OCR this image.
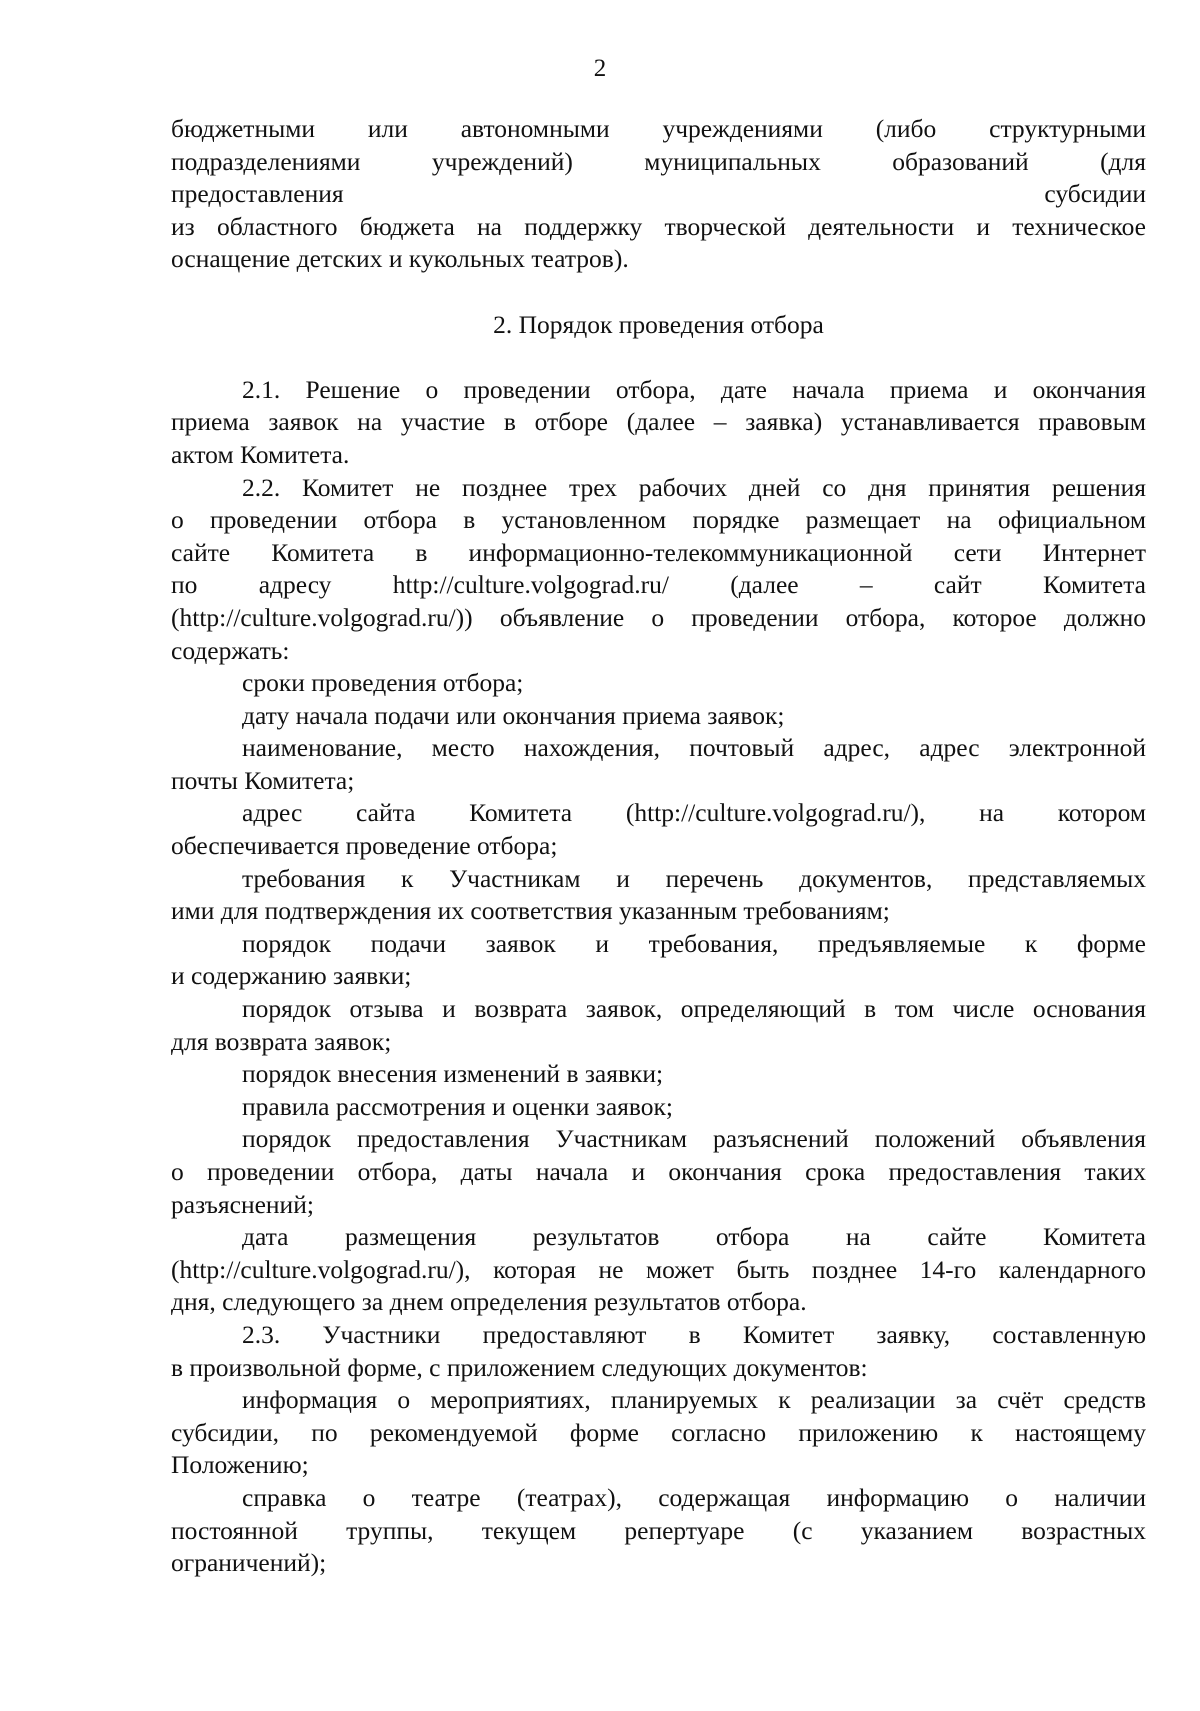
2
бюджетными или автономными учреждениями (либо структурными
подразделениями учреждений) муниципальных образований (для
предоставления субсидии
из областного бюджета на поддержку творческой деятельности и техническое
оснащение детских и кукольных театров).
2. Порядок проведения отбора
2.1. Решение о проведении отбора, дате начала приема и окончания
приема заявок на участие в отборе (далее – заявка) устанавливается правовым
актом Комитета.
2.2. Комитет не позднее трех рабочих дней со дня принятия решения
о проведении отбора в установленном порядке размещает на официальном
сайте Комитета в информационно-телекоммуникационной сети Интернет
по адресу http://culture.volgograd.ru/ (далее – сайт Комитета
(http://culture.volgograd.ru/)) объявление о проведении отбора, которое должно
содержать:
сроки проведения отбора;
дату начала подачи или окончания приема заявок;
наименование, место нахождения, почтовый адрес, адрес электронной
почты Комитета;
адрес сайта Комитета (http://culture.volgograd.ru/), на котором
обеспечивается проведение отбора;
требования к Участникам и перечень документов, представляемых
ими для подтверждения их соответствия указанным требованиям;
порядок подачи заявок и требования, предъявляемые к форме
и содержанию заявки;
порядок отзыва и возврата заявок, определяющий в том числе основания
для возврата заявок;
порядок внесения изменений в заявки;
правила рассмотрения и оценки заявок;
порядок предоставления Участникам разъяснений положений объявления
о проведении отбора, даты начала и окончания срока предоставления таких
разъяснений;
дата размещения результатов отбора на сайте Комитета
(http://culture.volgograd.ru/), которая не может быть позднее 14-го календарного
дня, следующего за днем определения результатов отбора.
2.3. Участники предоставляют в Комитет заявку, составленную
в произвольной форме, с приложением следующих документов:
информация о мероприятиях, планируемых к реализации за счёт средств
субсидии, по рекомендуемой форме согласно приложению к настоящему
Положению;
справка о театре (театрах), содержащая информацию о наличии
постоянной труппы, текущем репертуаре (с указанием возрастных
ограничений);
